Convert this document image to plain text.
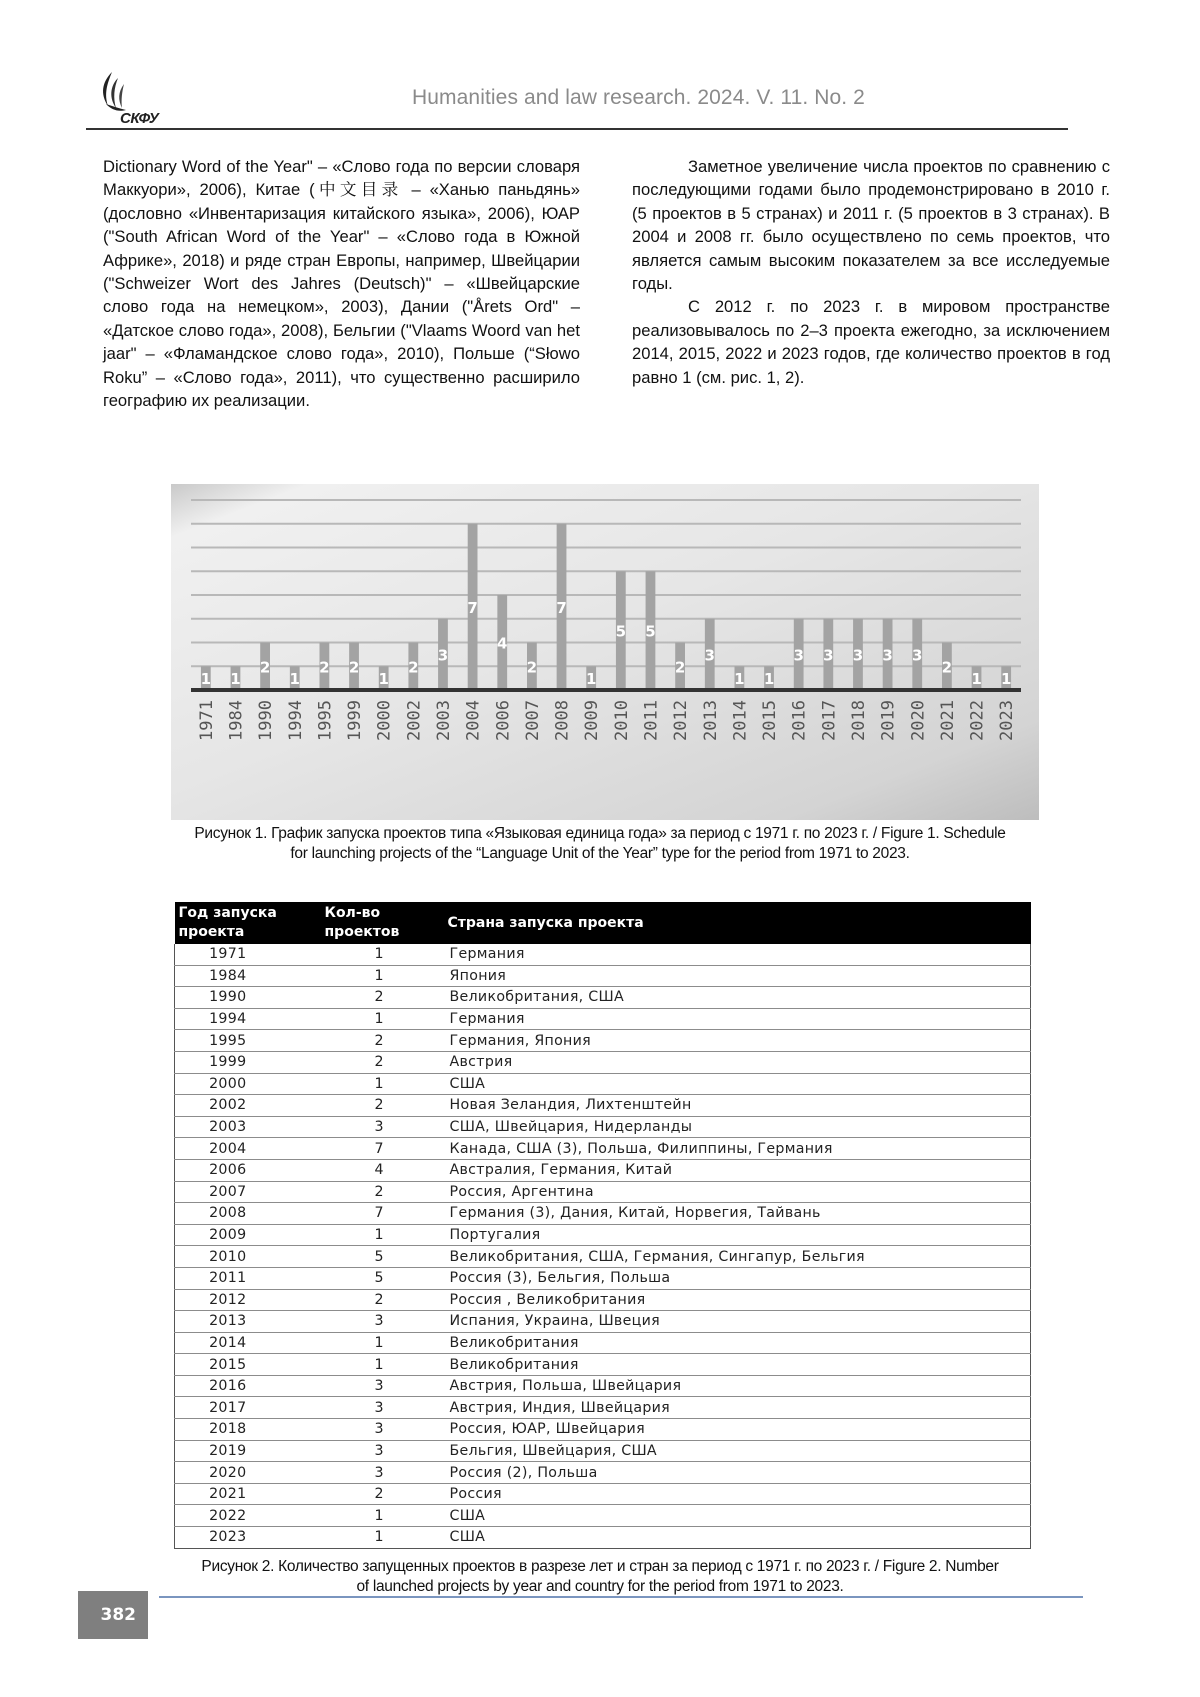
СКФУ
Humanities and law research. 2024. V. 11. No. 2

Dictionary Word of the Year" – «Слово года по версии словаря Маккуори», 2006), Китае (中文目录 – «Ханью паньдянь» (дословно «Инвентаризация китайского языка», 2006), ЮАР ("South African Word of the Year" – «Слово года в Южной Африке», 2018) и ряде стран Европы, например, Швейцарии ("Schweizer Wort des Jahres (Deutsch)" – «Швейцарские слово года на немецком», 2003), Дании ("Årets Ord" – «Датское слово года», 2008), Бельгии ("Vlaams Woord van het jaar" – «Фламандское слово года», 2010), Польше (“Słowo Roku” – «Слово года», 2011), что существенно расширило географию их реализации.

Заметное увеличение числа проектов по сравнению с последующими годами было продемонстрировано в 2010 г. (5 проектов в 5 странах) и 2011 г. (5 проектов в 3 странах). В 2004 и 2008 гг. было осуществлено по семь проектов, что является самым высоким показателем за все исследуемые годы.

С 2012 г. по 2023 г. в мировом пространстве реализовывалось по 2–3 проекта ежегодно, за исключением 2014, 2015, 2022 и 2023 годов, где количество проектов в год равно 1 (см. рис. 1, 2).

1 1
2
1
2 2
1
2
3
7
4
2
7
1
5 5
2
3
1 1
3 3 3 3 3
2
1 1
1971 1984 1990 1994 1995 1999 2000 2002 2003 2004 2006 2007 2008 2009 2010 2011 2012 2013 2014 2015 2016 2017 2018 2019 2020 2021 2022 2023
Рисунок 1. График запуска проектов типа «Языковая единица года» за период с 1971 г. по 2023 г. / Figure 1. Schedule
for launching projects of the “Language Unit of the Year” type for the period from 1971 to 2023.
Год запуска проекта	Кол-во проектов	Страна запуска проекта
1971	1	Германия
1984	1	Япония
1990	2	Великобритания, США
1994	1	Германия
1995	2	Германия, Япония
1999	2	Австрия
2000	1	США
2002	2	Новая Зеландия, Лихтенштейн
2003	3	США, Швейцария, Нидерланды
2004	7	Канада, США (3), Польша, Филиппины, Германия
2006	4	Австралия, Германия, Китай
2007	2	Россия, Аргентина
2008	7	Германия (3), Дания, Китай, Норвегия, Тайвань
2009	1	Португалия
2010	5	Великобритания, США, Германия, Сингапур, Бельгия
2011	5	Россия (3), Бельгия, Польша
2012	2	Россия , Великобритания
2013	3	Испания, Украина, Швеция
2014	1	Великобритания
2015	1	Великобритания
2016	3	Австрия, Польша, Швейцария
2017	3	Австрия, Индия, Швейцария
2018	3	Россия, ЮАР, Швейцария
2019	3	Бельгия, Швейцария, США
2020	3	Россия (2), Польша
2021	2	Россия
2022	1	США
2023	1	США
Рисунок 2. Количество запущенных проектов в разрезе лет и стран за период с 1971 г. по 2023 г. / Figure 2. Number
of launched projects by year and country for the period from 1971 to 2023.
382
